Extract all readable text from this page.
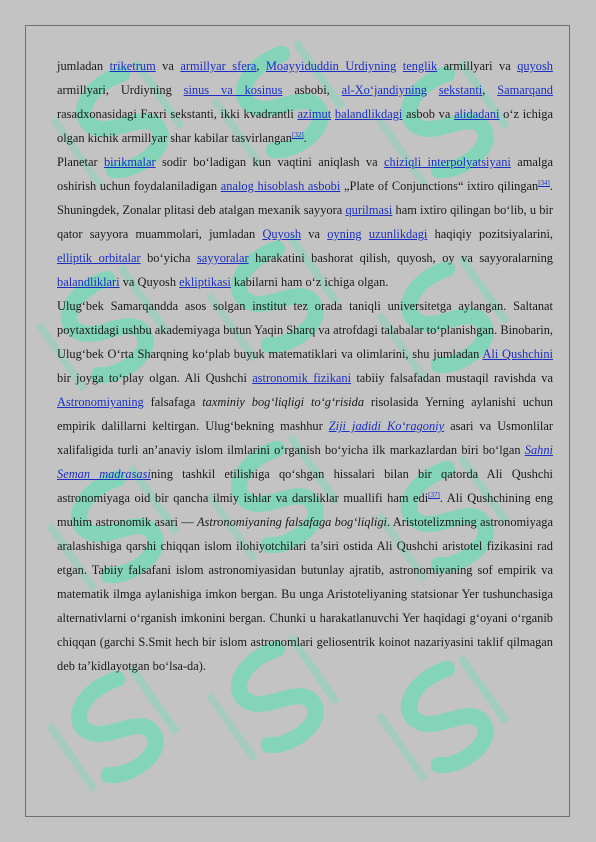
jumladan triketrum va armillyar sfera, Moayyiduddin Urdiyning tenglik armillyari va quyosh armillyari, Urdiyning sinus va kosinus asbobi, al-Xo‘jandiyning sekstanti, Samarqand rasadxonasidagi Faxri sekstanti, ikki kvadrantli azimut balandlikdagi asbob va alidadani o‘z ichiga olgan kichik armillyar shar kabilar tasvirlangan[32].

Planetar birikmalar sodir bo‘ladigan kun vaqtini aniqlash va chiziqli interpolyatsiyani amalga oshirish uchun foydalaniladigan analog hisoblash asbobi „Plate of Conjunctions“ ixtiro qilingan[34]. Shuningdek, Zonalar plitasi deb atalgan mexanik sayyora qurilmasi ham ixtiro qilingan bo‘lib, u bir qator sayyora muammolari, jumladan Quyosh va oyning uzunlikdagi haqiqiy pozitsiyalarini, elliptik orbitalar bo‘yicha sayyoralar harakatini bashorat qilish, quyosh, oy va sayyoralarning balandliklari va Quyosh ekliptikasi kabilarni ham o‘z ichiga olgan.

Ulug‘bek Samarqandda asos solgan institut tez orada taniqli universitetga aylangan. Saltanat poytaxtidagi ushbu akademiyaga butun Yaqin Sharq va atrofdagi talabalar to‘planishgan. Binobarin, Ulug‘bek O‘rta Sharqning ko‘plab buyuk matematiklari va olimlarini, shu jumladan Ali Qushchini bir joyga to‘play olgan. Ali Qushchi astronomik fizikani tabiiy falsafadan mustaqil ravishda va Astronomiyaning falsafaga taxminiy bog‘liqligi to‘g‘risida risolasida Yerning aylanishi uchun empirik dalillarni keltirgan. Ulug‘bekning mashhur Ziji jadidi Ko‘ragoniy asari va Usmonlilar xalifaligida turli an’anaviy islom ilmlarini o‘rganish bo‘yicha ilk markazlardan biri bo‘lgan Sahni Seman madrasasining tashkil etilishiga qo‘shgan hissalari bilan bir qatorda Ali Qushchi astronomiyaga oid bir qancha ilmiy ishlar va darsliklar muallifi ham edi[37]. Ali Qushchining eng muhim astronomik asari — Astronomiyaning falsafaga bog‘liqligi. Aristotelizmning astronomiyaga aralashishiga qarshi chiqqan islom ilohiyotchilari ta’siri ostida Ali Qushchi aristotel fizikasini rad etgan. Tabiiy falsafani islom astronomiyasidan butunlay ajratib, astronomiyaning sof empirik va matematik ilmga aylanishiga imkon bergan. Bu unga Aristoteliyaning statsionar Yer tushunchasiga alternativlarni o‘rganish imkonini bergan. Chunki u harakatlanuvchi Yer haqidagi g‘oyani o‘rganib chiqqan (garchi S.Smit hech bir islom astronomlari geliosentrik koinot nazariyasini taklif qilmagan deb ta’kidlayotgan bo‘lsa-da).
